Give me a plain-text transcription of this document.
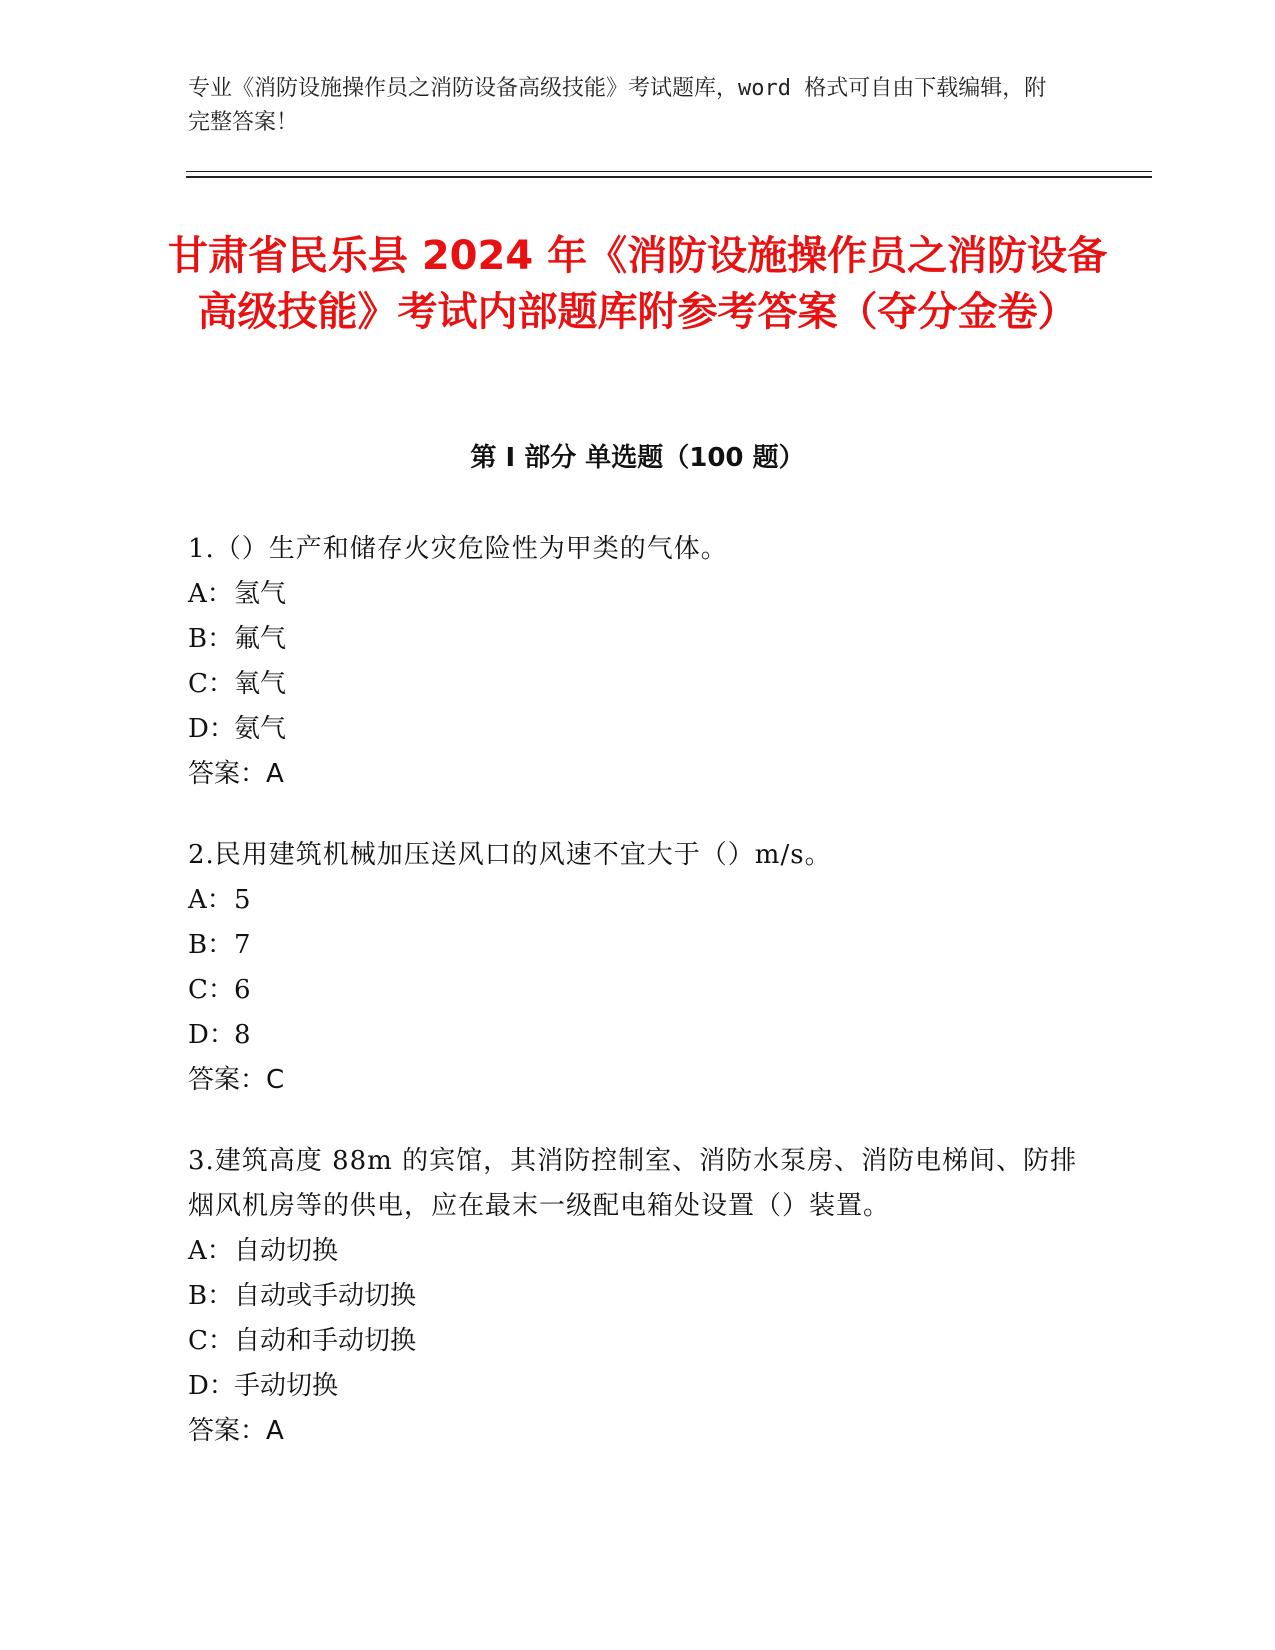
专业《消防设施操作员之消防设备高级技能》考试题库，word 格式可自由下载编辑，附完整答案！
甘肃省民乐县 2024 年《消防设施操作员之消防设备高级技能》考试内部题库附参考答案（夺分金卷）
第 I 部分 单选题（100 题）
1.（）生产和储存火灾危险性为甲类的气体。
A：氢气
B：氟气
C：氧气
D：氨气
答案：A
2.民用建筑机械加压送风口的风速不宜大于（）m/s。
A：5
B：7
C：6
D：8
答案：C
3.建筑高度 88m 的宾馆，其消防控制室、消防水泵房、消防电梯间、防排烟风机房等的供电，应在最末一级配电箱处设置（）装置。
A：自动切换
B：自动或手动切换
C：自动和手动切换
D：手动切换
答案：A
